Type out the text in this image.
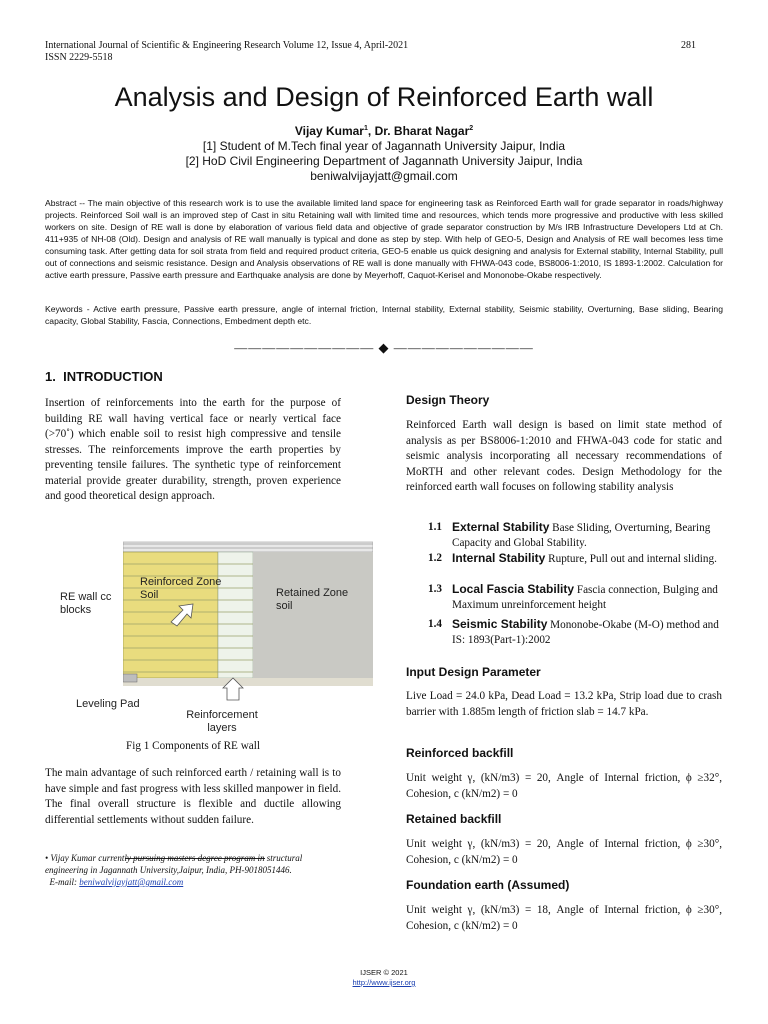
International Journal of Scientific & Engineering Research Volume 12, Issue 4, April-2021
ISSN 2229-5518
281
Analysis and Design of Reinforced Earth wall
Vijay Kumar$^1$, Dr. Bharat Nagar$^2$
[1] Student of M.Tech final year of Jagannath University Jaipur, India
[2] HoD Civil Engineering Department of Jagannath University Jaipur, India
beniwalvijayjatt@gmail.com
Abstract -- The main objective of this research work is to use the available limited land space for engineering task as Reinforced Earth wall for grade separator in roads/highway projects. Reinforced Soil wall is an improved step of Cast in situ Retaining wall with limited time and resources, which tends more progressive and productive with less skilled workers on site. Design of RE wall is done by elaboration of various field data and objective of grade separator construction by M/s IRB Infrastructure Developers Ltd at Ch. 411+935 of NH-08 (Old). Design and analysis of RE wall manually is typical and done as step by step. With help of GEO-5, Design and Analysis of RE wall becomes less time consuming task. After getting data for soil strata from field and required product criteria, GEO-5 enable us quick designing and analysis for External stability, Internal Stability, pull out of connections and seismic resistance. Design and Analysis observations of RE wall is done manually with FHWA-043 code, BS8006-1:2010, IS 1893-1:2002. Calculation for active earth pressure, Passive earth pressure and Earthquake analysis are done by Meyerhoff, Caquot-Kerisel and Mononobe-Okabe respectively.
Keywords - Active earth pressure, Passive earth pressure, angle of internal friction, Internal stability, External stability, Seismic stability, Overturning, Base sliding, Bearing capacity, Global Stability, Fascia, Connections, Embedment depth etc.
—————————— ◆ ——————————
1. INTRODUCTION
Insertion of reinforcements into the earth for the purpose of building RE wall having vertical face or nearly vertical face (>70˚) which enable soil to resist high compressive and tensile stresses. The reinforcements improve the earth properties by preventing tensile failures. The synthetic type of reinforcement material provide greater durability, strength, proven experience and good theoretical design approach.
Reinforced Zone Soil	Retained Zone soil
RE wall cc blocks
Leveling Pad
Reinforcement layers
Fig 1 Components of RE wall
The main advantage of such reinforced earth / retaining wall is to have simple and fast progress with less skilled manpower in field. The final overall structure is flexible and ductile allowing differential settlements without sudden failure.
• Vijay Kumar currently pursuing masters degree program in structural engineering in Jagannath University,Jaipur, India, PH-9018051446.
E-mail: beniwalvijayjatt@gmail.com
Design Theory
Reinforced Earth wall design is based on limit state method of analysis as per BS8006-1:2010 and FHWA-043 code for static and seismic analysis incorporating all necessary recommendations of MoRTH and other relevant codes. Design Methodology for the reinforced earth wall focuses on following stability analysis
1.1 External Stability Base Sliding, Overturning, Bearing Capacity and Global Stability.
1.2 Internal Stability Rupture, Pull out and internal sliding.
1.3 Local Fascia Stability Fascia connection, Bulging and Maximum unreinforcement height
1.4 Seismic Stability Mononobe-Okabe (M-O) method and IS: 1893(Part-1):2002
Input Design Parameter
Live Load = 24.0 kPa, Dead Load = 13.2 kPa, Strip load due to crash barrier with 1.885m length of friction slab = 14.7 kPa.
Reinforced backfill
Unit weight γ, (kN/m3) = 20, Angle of Internal friction, ϕ ≥32°, Cohesion, c (kN/m2) = 0
Retained backfill
Unit weight γ, (kN/m3) = 20, Angle of Internal friction, ϕ ≥30°, Cohesion, c (kN/m2) = 0
Foundation earth (Assumed)
Unit weight γ, (kN/m3) = 18, Angle of Internal friction, ϕ ≥30°, Cohesion, c (kN/m2) = 0
IJSER © 2021
http://www.ijser.org
